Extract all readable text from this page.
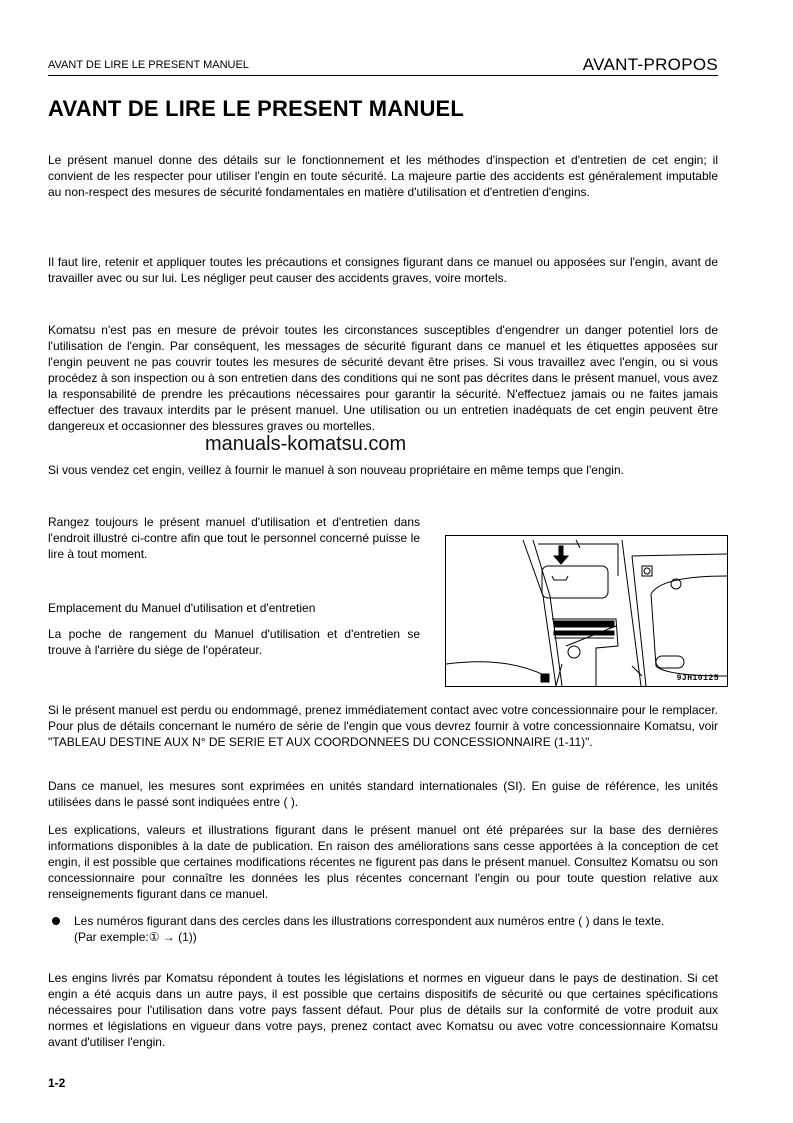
AVANT DE LIRE LE PRESENT MANUEL	AVANT-PROPOS
AVANT DE LIRE LE PRESENT MANUEL

Le présent manuel donne des détails sur le fonctionnement et les méthodes d'inspection et d'entretien de cet engin; il convient de les respecter pour utiliser l'engin en toute sécurité. La majeure partie des accidents est généralement imputable au non-respect des mesures de sécurité fondamentales en matière d'utilisation et d'entretien d'engins.

Il faut lire, retenir et appliquer toutes les précautions et consignes figurant dans ce manuel ou apposées sur l'engin, avant de travailler avec ou sur lui. Les négliger peut causer des accidents graves, voire mortels.

Komatsu n'est pas en mesure de prévoir toutes les circonstances susceptibles d'engendrer un danger potentiel lors de l'utilisation de l'engin. Par conséquent, les messages de sécurité figurant dans ce manuel et les étiquettes apposées sur l'engin peuvent ne pas couvrir toutes les mesures de sécurité devant être prises. Si vous travaillez avec l'engin, ou si vous procédez à son inspection ou à son entretien dans des conditions qui ne sont pas décrites dans le présent manuel, vous avez la responsabilité de prendre les précautions nécessaires pour garantir la sécurité. N'effectuez jamais ou ne faites jamais effectuer des travaux interdits par le présent manuel. Une utilisation ou un entretien inadéquats de cet engin peuvent être dangereux et occasionner des blessures graves ou mortelles.

manuals-komatsu.com

Si vous vendez cet engin, veillez à fournir le manuel à son nouveau propriétaire en même temps que l'engin.

Rangez toujours le présent manuel d'utilisation et d'entretien dans l'endroit illustré ci-contre afin que tout le personnel concerné puisse le lire à tout moment.

Emplacement du Manuel d'utilisation et d'entretien

La poche de rangement du Manuel d'utilisation et d'entretien se trouve à l'arrière du siège de l'opérateur.

9JH10125

Si le présent manuel est perdu ou endommagé, prenez immédiatement contact avec votre concessionnaire pour le remplacer. Pour plus de détails concernant le numéro de série de l'engin que vous devrez fournir à votre concessionnaire Komatsu, voir "TABLEAU DESTINE AUX N° DE SERIE ET AUX COORDONNEES DU CONCESSIONNAIRE (1-11)".

Dans ce manuel, les mesures sont exprimées en unités standard internationales (SI). En guise de référence, les unités utilisées dans le passé sont indiquées entre ( ).

Les explications, valeurs et illustrations figurant dans le présent manuel ont été préparées sur la base des dernières informations disponibles à la date de publication. En raison des améliorations sans cesse apportées à la conception de cet engin, il est possible que certaines modifications récentes ne figurent pas dans le présent manuel. Consultez Komatsu ou son concessionnaire pour connaître les données les plus récentes concernant l'engin ou pour toute question relative aux renseignements figurant dans ce manuel.

Les numéros figurant dans des cercles dans les illustrations correspondent aux numéros entre ( ) dans le texte.
(Par exemple:① → (1))

Les engins livrés par Komatsu répondent à toutes les législations et normes en vigueur dans le pays de destination. Si cet engin a été acquis dans un autre pays, il est possible que certains dispositifs de sécurité ou que certaines spécifications nécessaires pour l'utilisation dans votre pays fassent défaut. Pour plus de détails sur la conformité de votre produit aux normes et législations en vigueur dans votre pays, prenez contact avec Komatsu ou avec votre concessionnaire Komatsu avant d'utiliser l'engin.

1-2
